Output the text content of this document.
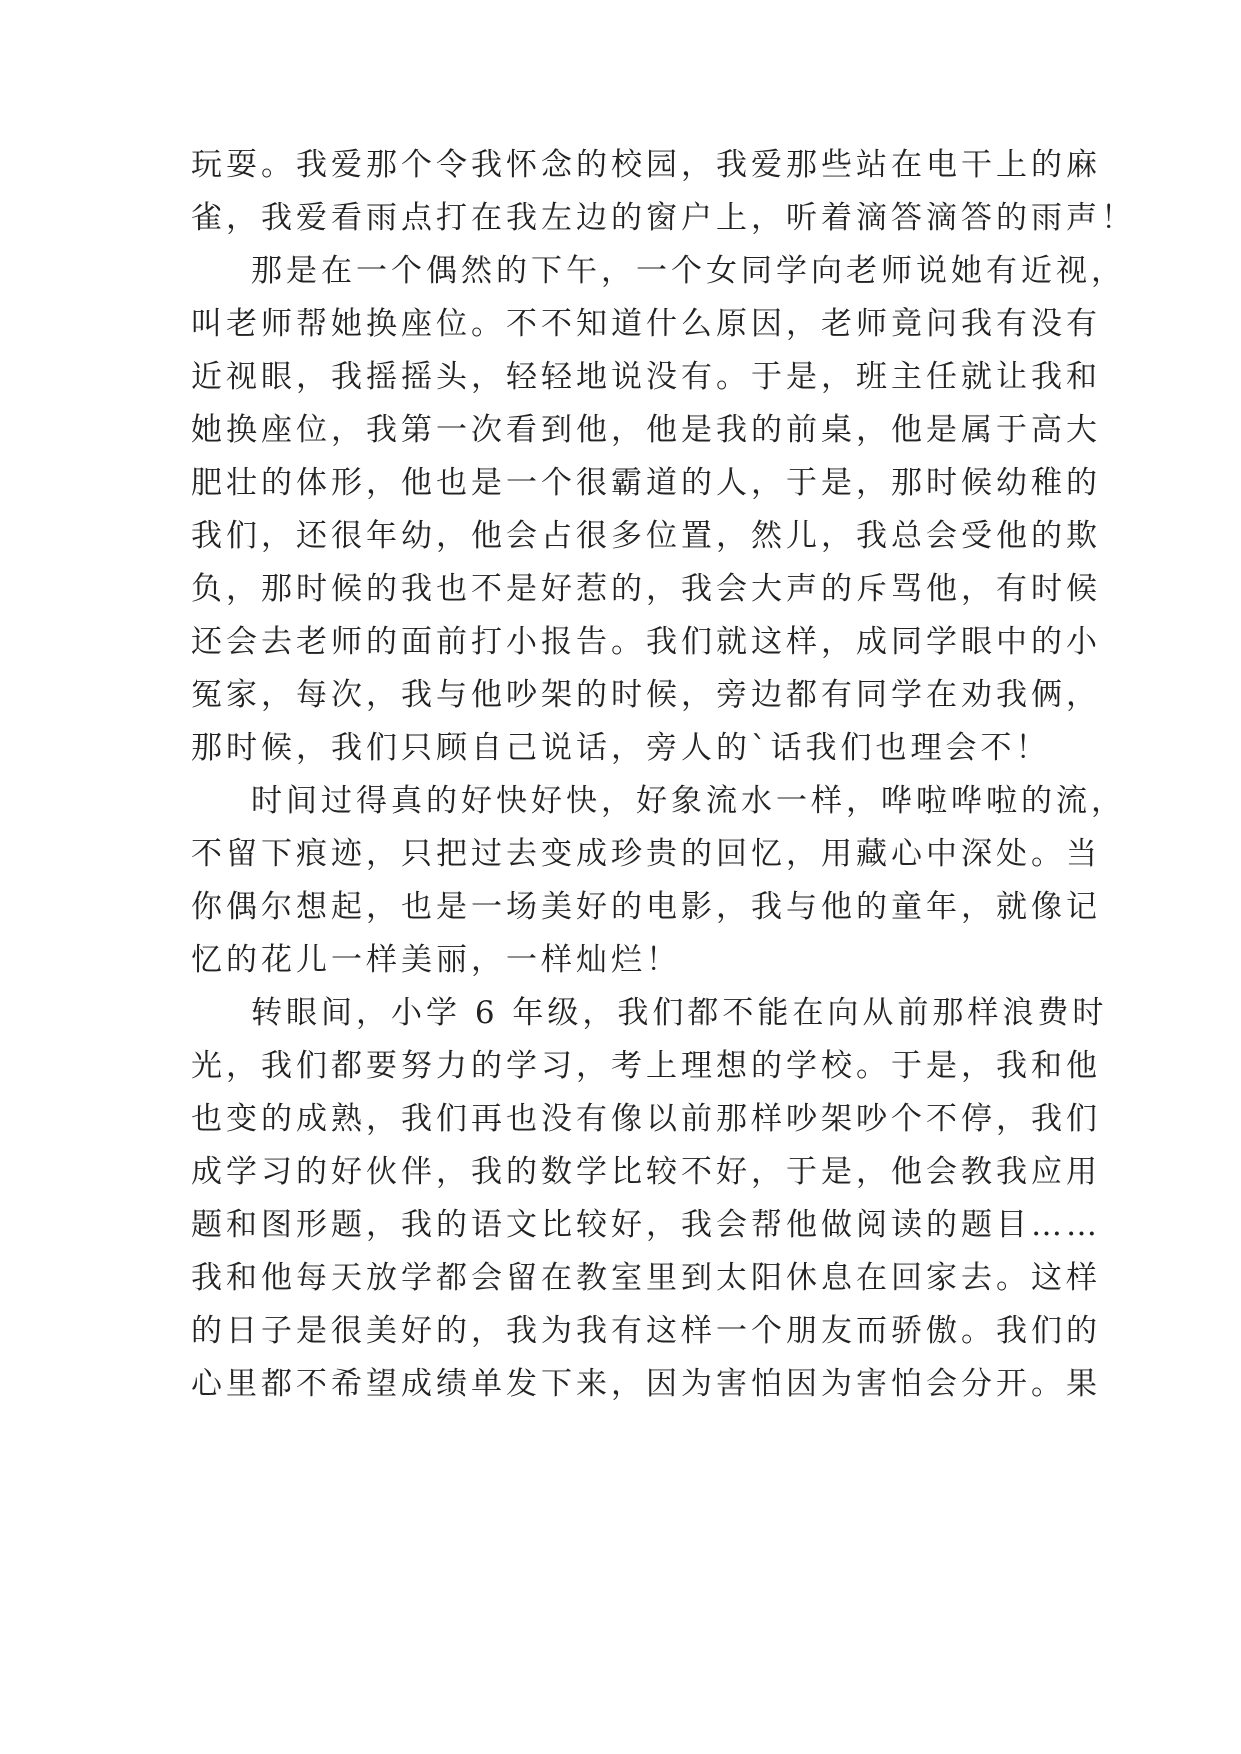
玩耍。我爱那个令我怀念的校园，我爱那些站在电干上的麻

雀，我爱看雨点打在我左边的窗户上，听着滴答滴答的雨声！

那是在一个偶然的下午，一个女同学向老师说她有近视，

叫老师帮她换座位。不不知道什么原因，老师竟问我有没有

近视眼，我摇摇头，轻轻地说没有。于是，班主任就让我和

她换座位，我第一次看到他，他是我的前桌，他是属于高大

肥壮的体形，他也是一个很霸道的人，于是，那时候幼稚的

我们，还很年幼，他会占很多位置，然儿，我总会受他的欺

负，那时候的我也不是好惹的，我会大声的斥骂他，有时候

还会去老师的面前打小报告。我们就这样，成同学眼中的小

冤家，每次，我与他吵架的时候，旁边都有同学在劝我俩，

那时候，我们只顾自己说话，旁人的`话我们也理会不！

时间过得真的好快好快，好象流水一样，哗啦哗啦的流，

不留下痕迹，只把过去变成珍贵的回忆，用藏心中深处。当

你偶尔想起，也是一场美好的电影，我与他的童年，就像记

忆的花儿一样美丽，一样灿烂！

转眼间，小学 6 年级，我们都不能在向从前那样浪费时

光，我们都要努力的学习，考上理想的学校。于是，我和他

也变的成熟，我们再也没有像以前那样吵架吵个不停，我们

成学习的好伙伴，我的数学比较不好，于是，他会教我应用

题和图形题，我的语文比较好，我会帮他做阅读的题目……

我和他每天放学都会留在教室里到太阳休息在回家去。这样

的日子是很美好的，我为我有这样一个朋友而骄傲。我们的

心里都不希望成绩单发下来，因为害怕因为害怕会分开。果
